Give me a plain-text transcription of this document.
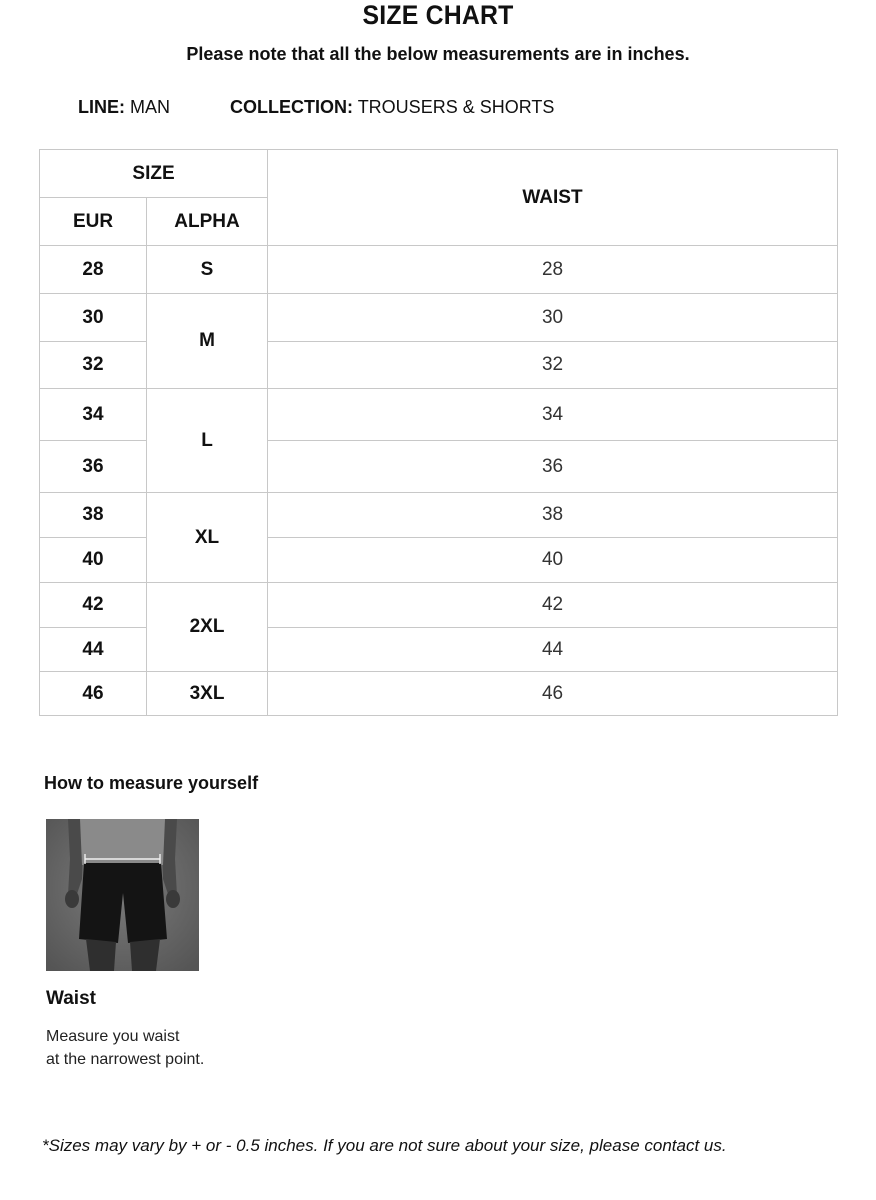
SIZE CHART
Please note that all the below measurements are in inches.
LINE: MAN	COLLECTION: TROUSERS & SHORTS
SIZE		WAIST
EUR	ALPHA	
28	S	28
30	M	30
32		32
34	L	34
36		36
38	XL	38
40		40
42	2XL	42
44		44
46	3XL	46
How to measure yourself
Waist
Measure you waist
at the narrowest point.
*Sizes may vary by + or - 0.5 inches. If you are not sure about your size, please contact us.
